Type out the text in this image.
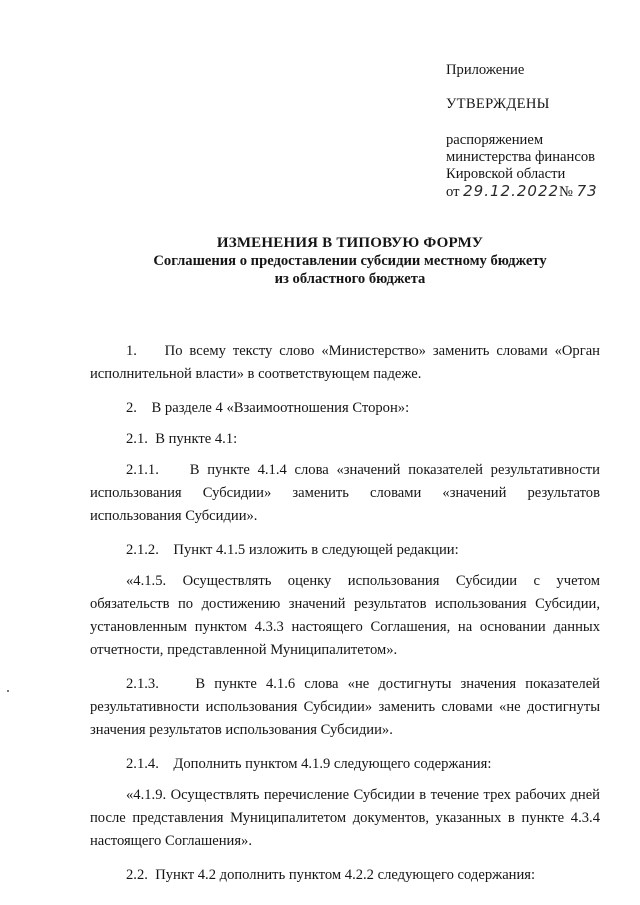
Приложение

УТВЕРЖДЕНЫ

распоряжением

министерства финансов

Кировской области

от 29.12.2022№ 73

ИЗМЕНЕНИЯ В ТИПОВУЮ ФОРМУ
Соглашения о предоставлении субсидии местному бюджету
из областного бюджета

1.    По всему тексту слово «Министерство» заменить словами «Орган исполнительной власти» в соответствующем падеже.

2.    В разделе 4 «Взаимоотношения Сторон»:

2.1.  В пункте 4.1:

2.1.1.    В пункте 4.1.4 слова «значений показателей результативности использования Субсидии» заменить словами «значений результатов использования Субсидии».

2.1.2.    Пункт 4.1.5 изложить в следующей редакции:

«4.1.5. Осуществлять оценку использования Субсидии с учетом обязательств по достижению значений результатов использования Субсидии, установленным пунктом 4.3.3 настоящего Соглашения, на основании данных отчетности, представленной Муниципалитетом».

2.1.3.    В пункте 4.1.6 слова «не достигнуты значения показателей результативности использования Субсидии» заменить словами «не достигнуты значения результатов использования Субсидии».

2.1.4.    Дополнить пунктом 4.1.9 следующего содержания:

«4.1.9. Осуществлять перечисление Субсидии в течение трех рабочих дней после представления Муниципалитетом документов, указанных в пункте 4.3.4 настоящего Соглашения».

2.2.  Пункт 4.2 дополнить пунктом 4.2.2 следующего содержания:
